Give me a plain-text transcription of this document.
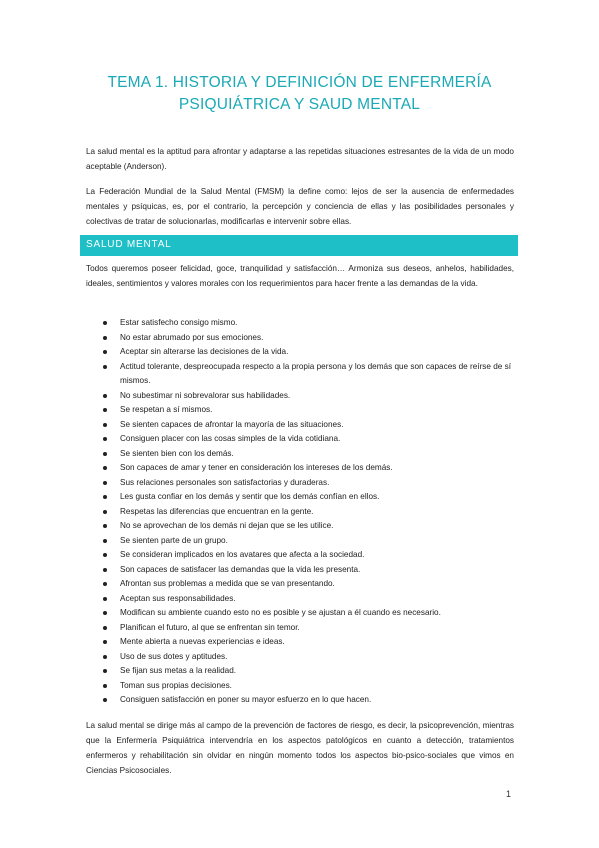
TEMA 1. HISTORIA Y DEFINICIÓN DE ENFERMERÍA
PSIQUIÁTRICA Y SAUD MENTAL

La salud mental es la aptitud para afrontar y adaptarse a las repetidas situaciones estresantes de la vida de un modo aceptable (Anderson).

La Federación Mundial de la Salud Mental (FMSM) la define como: lejos de ser la ausencia de enfermedades mentales y psíquicas, es, por el contrario, la percepción y conciencia de ellas y las posibilidades personales y colectivas de tratar de solucionarlas, modificarlas e intervenir sobre ellas.

SALUD MENTAL

Todos queremos poseer felicidad, goce, tranquilidad y satisfacción… Armoniza sus deseos, anhelos, habilidades, ideales, sentimientos y valores morales con los requerimientos para hacer frente a las demandas de la vida.

Estar satisfecho consigo mismo.
No estar abrumado por sus emociones.
Aceptar sin alterarse las decisiones de la vida.
Actitud tolerante, despreocupada respecto a la propia persona y los demás que son capaces de reírse de sí mismos.
No subestimar ni sobrevalorar sus habilidades.
Se respetan a sí mismos.
Se sienten capaces de afrontar la mayoría de las situaciones.
Consiguen placer con las cosas simples de la vida cotidiana.
Se sienten bien con los demás.
Son capaces de amar y tener en consideración los intereses de los demás.
Sus relaciones personales son satisfactorias y duraderas.
Les gusta confiar en los demás y sentir que los demás confían en ellos.
Respetas las diferencias que encuentran en la gente.
No se aprovechan de los demás ni dejan que se les utilice.
Se sienten parte de un grupo.
Se consideran implicados en los avatares que afecta a la sociedad.
Son capaces de satisfacer las demandas que la vida les presenta.
Afrontan sus problemas a medida que se van presentando.
Aceptan sus responsabilidades.
Modifican su ambiente cuando esto no es posible y se ajustan a él cuando es necesario.
Planifican el futuro, al que se enfrentan sin temor.
Mente abierta a nuevas experiencias e ideas.
Uso de sus dotes y aptitudes.
Se fijan sus metas a la realidad.
Toman sus propias decisiones.
Consiguen satisfacción en poner su mayor esfuerzo en lo que hacen.

La salud mental se dirige más al campo de la prevención de factores de riesgo, es decir, la psicoprevención, mientras que la Enfermería Psiquiátrica intervendría en los aspectos patológicos en cuanto a detección, tratamientos enfermeros y rehabilitación sin olvidar en ningún momento todos los aspectos bio-psico-sociales que vimos en Ciencias Psicosociales.

1
